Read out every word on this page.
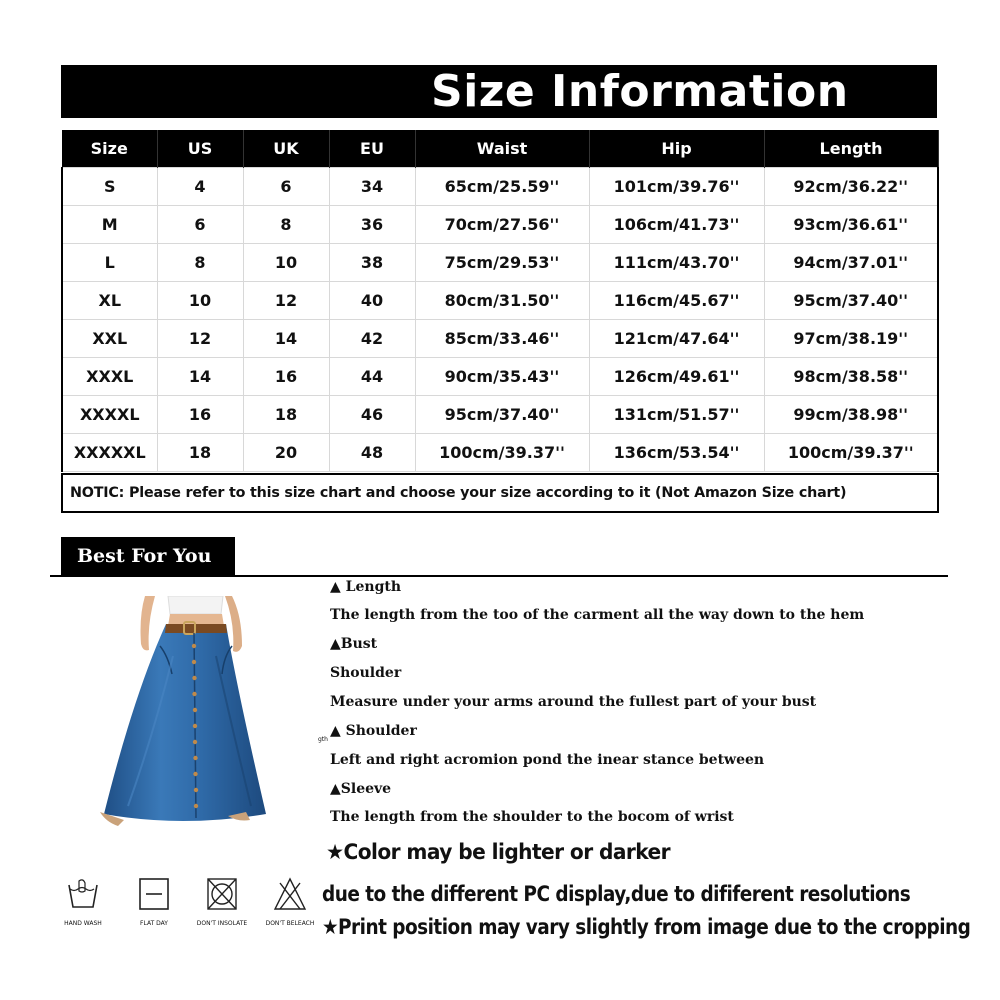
Size Information
Size	US	UK	EU	Waist	Hip	Length
S	4	6	34	65cm/25.59''	101cm/39.76''	92cm/36.22''
M	6	8	36	70cm/27.56''	106cm/41.73''	93cm/36.61''
L	8	10	38	75cm/29.53''	111cm/43.70''	94cm/37.01''
XL	10	12	40	80cm/31.50''	116cm/45.67''	95cm/37.40''
XXL	12	14	42	85cm/33.46''	121cm/47.64''	97cm/38.19''
XXXL	14	16	44	90cm/35.43''	126cm/49.61''	98cm/38.58''
XXXXL	16	18	46	95cm/37.40''	131cm/51.57''	99cm/38.98''
XXXXXL	18	20	48	100cm/39.37''	136cm/53.54''	100cm/39.37''
NOTIC: Please refer to this size chart and choose your size according to it (Not Amazon Size chart)
Best For You
gth
▲ Length
The length from the too of the carment all the way down to the hem
▲Bust
Shoulder
Measure under your arms around the fullest part of your bust
▲ Shoulder
Left and right acromion pond the inear stance between
▲Sleeve
The length from the shoulder to the bocom of wrist
★Color may be lighter or darker
due to the different PC display,due to dififerent resolutions
★Print position may vary slightly from image due to the cropping
HAND WASH	FLAT DAY	DON'T INSOLATE	DON'T BELEACH
